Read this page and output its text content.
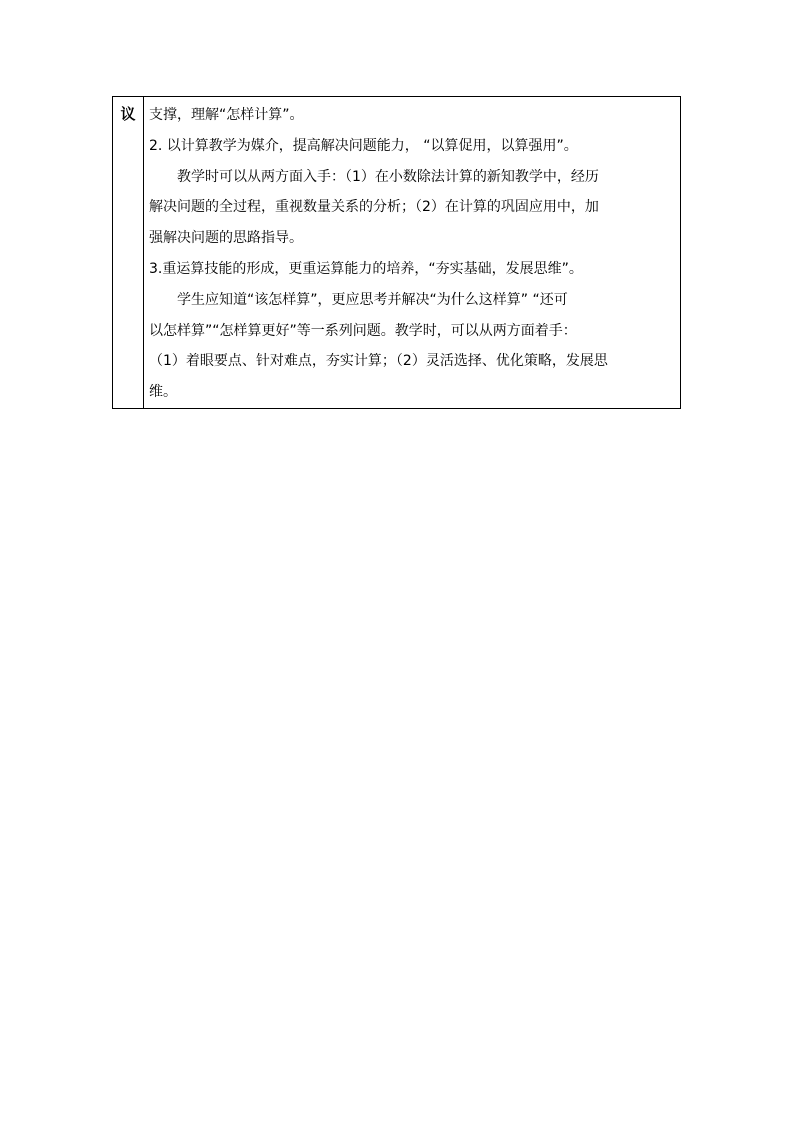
议 支撑，理解“怎样计算”。
2. 以计算教学为媒介，提高解决问题能力， “以算促用，以算强用”。
教学时可以从两方面入手：（1）在小数除法计算的新知教学中，经历
解决问题的全过程，重视数量关系的分析；（2）在计算的巩固应用中，加
强解决问题的思路指导。
3.重运算技能的形成，更重运算能力的培养，“夯实基础，发展思维”。
学生应知道“该怎样算”，更应思考并解决“为什么这样算” “还可
以怎样算”“怎样算更好”等一系列问题。教学时，可以从两方面着手：
（1）着眼要点、针对难点，夯实计算；（2）灵活选择、优化策略，发展思
维。
